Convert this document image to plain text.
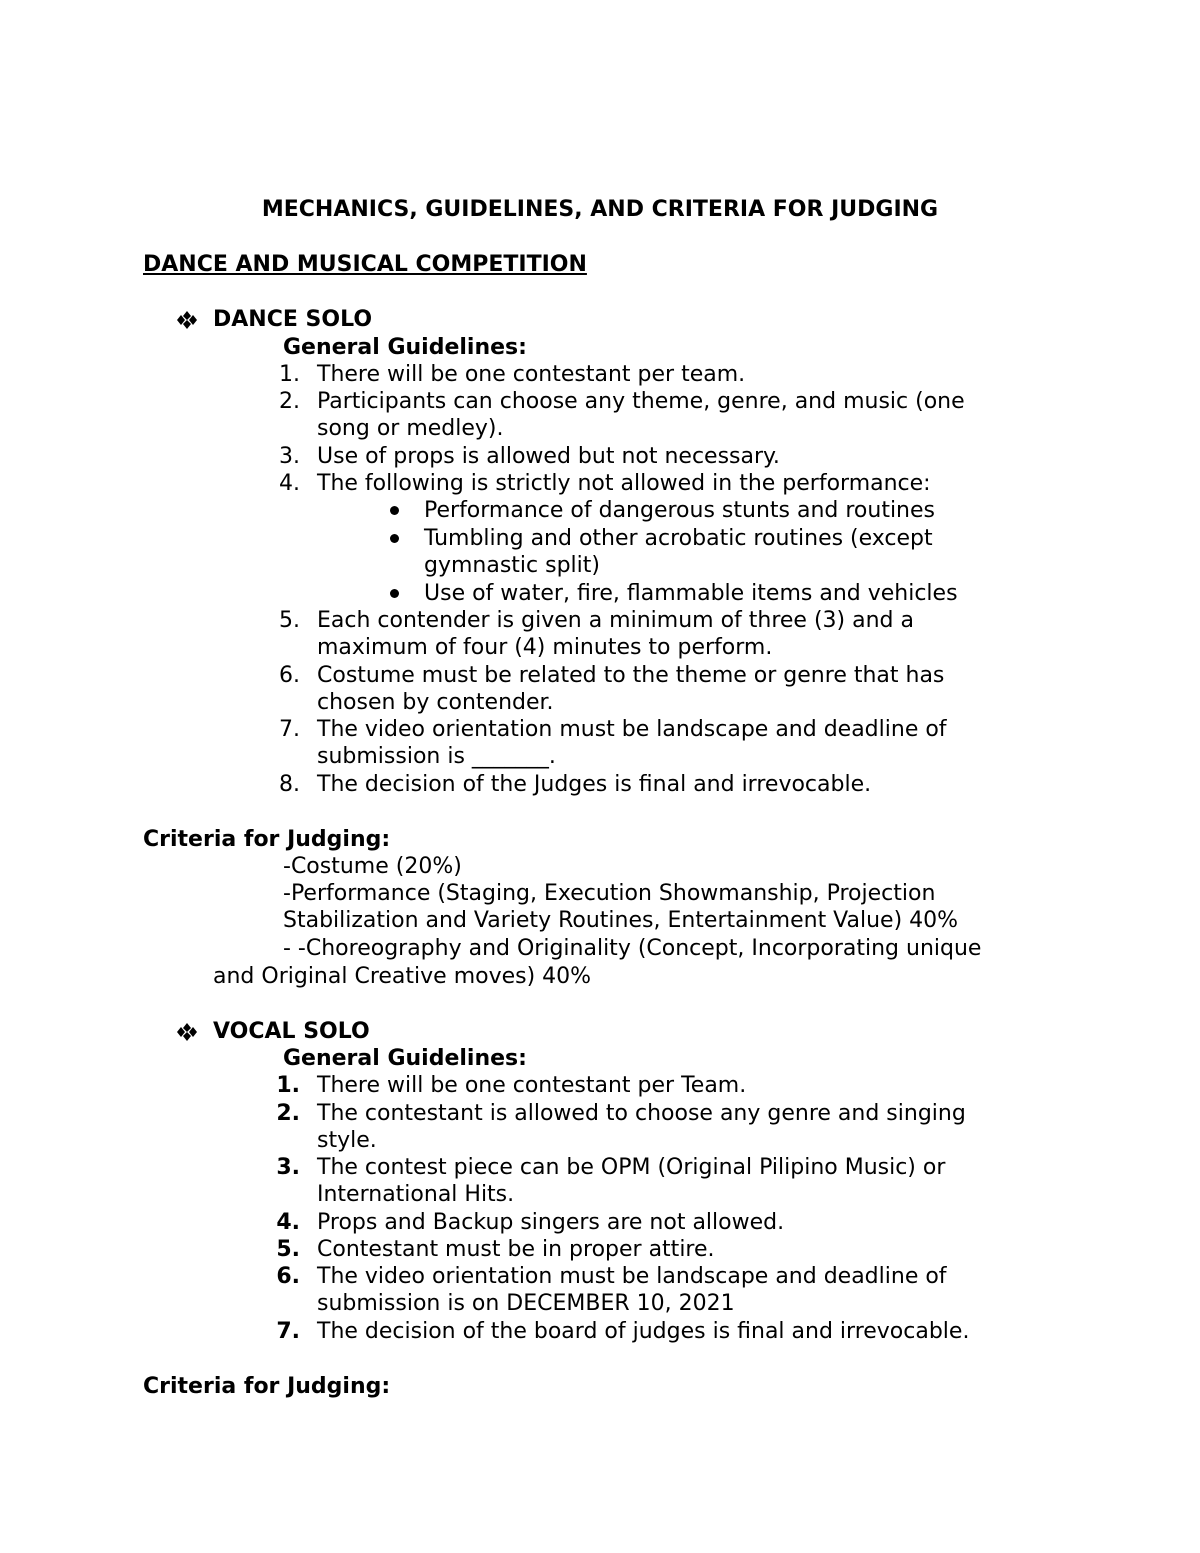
MECHANICS, GUIDELINES, AND CRITERIA FOR JUDGING
DANCE AND MUSICAL COMPETITION
DANCE SOLO
General Guidelines:
1. There will be one contestant per team.
2. Participants can choose any theme, genre, and music (one
song or medley).
3. Use of props is allowed but not necessary.
4. The following is strictly not allowed in the performance:
5. Each contender is given a minimum of three (3) and a
maximum of four (4) minutes to perform.
6. Costume must be related to the theme or genre that has
chosen by contender.
7. The video orientation must be landscape and deadline of
submission is _______.
8. The decision of the Judges is final and irrevocable.
Performance of dangerous stunts and routines
Tumbling and other acrobatic routines (except
gymnastic split)
Use of water, fire, flammable items and vehicles
Criteria for Judging:
-Costume (20%)
-Performance (Staging, Execution Showmanship, Projection
Stabilization and Variety Routines, Entertainment Value) 40%
- -Choreography and Originality (Concept, Incorporating unique
and Original Creative moves) 40%
VOCAL SOLO
General Guidelines:
1. There will be one contestant per Team.
2. The contestant is allowed to choose any genre and singing
style.
3. The contest piece can be OPM (Original Pilipino Music) or
International Hits.
4. Props and Backup singers are not allowed.
5. Contestant must be in proper attire.
6. The video orientation must be landscape and deadline of
submission is on DECEMBER 10, 2021
7. The decision of the board of judges is final and irrevocable.
Criteria for Judging:
